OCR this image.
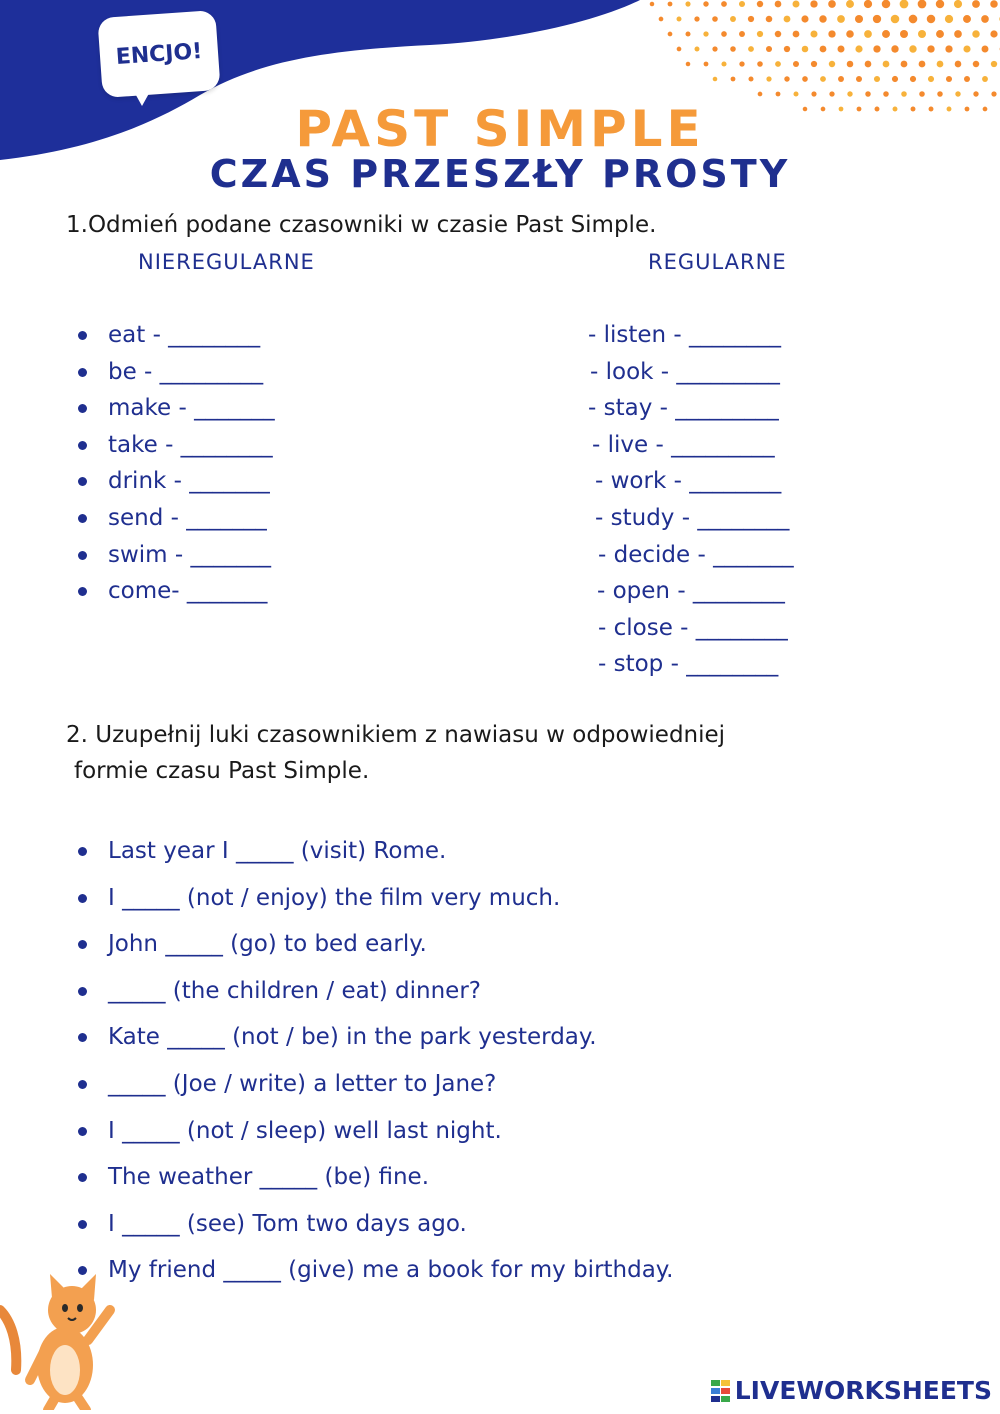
ENCJO!
PAST SIMPLE
CZAS PRZESZŁY PROSTY
1.Odmień podane czasowniki w czasie Past Simple.
NIEREGULARNE	REGULARNE
eat - ________
be - _________
make - _______
take - ________
drink - _______
send - _______
swim - _______
come- _______
- listen - ________
- look - _________
- stay - _________
- live - _________
- work - ________
- study - ________
- decide - _______
- open - ________
- close - ________
- stop - ________
2. Uzupełnij luki czasownikiem z nawiasu w odpowiedniej
formie czasu Past Simple.
Last year I _____ (visit) Rome.
I _____ (not / enjoy) the film very much.
John _____ (go) to bed early.
_____ (the children / eat) dinner?
Kate _____ (not / be) in the park yesterday.
_____ (Joe / write) a letter to Jane?
I _____ (not / sleep) well last night.
The weather _____ (be) fine.
I _____ (see) Tom two days ago.
My friend _____ (give) me a book for my birthday.
LIVEWORKSHEETS
